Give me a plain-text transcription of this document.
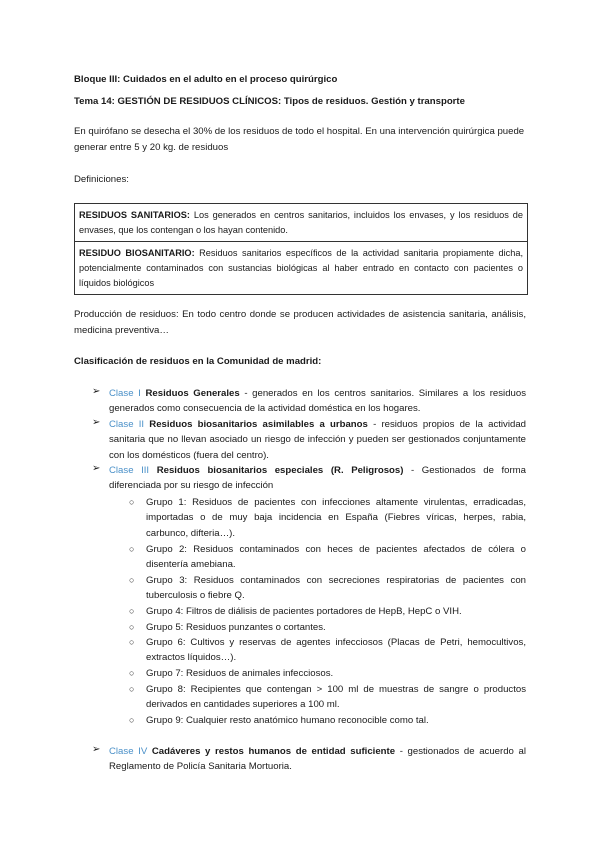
Bloque III: Cuidados en el adulto en el proceso quirúrgico
Tema 14: GESTIÓN DE RESIDUOS CLÍNICOS: Tipos de residuos. Gestión y transporte
En quirófano se desecha el 30% de los residuos de todo el hospital. En una intervención quirúrgica puede generar entre 5 y 20 kg. de residuos
Definiciones:
RESIDUOS SANITARIOS: Los generados en centros sanitarios, incluidos los envases, y los residuos de envases, que los contengan o los hayan contenido.
RESIDUO BIOSANITARIO: Residuos sanitarios específicos de la actividad sanitaria propiamente dicha, potencialmente contaminados con sustancias biológicas al haber entrado en contacto con pacientes o líquidos biológicos
Producción de residuos: En todo centro donde se producen actividades de asistencia sanitaria, análisis, medicina preventiva…
Clasificación de residuos en la Comunidad de madrid:
➢ Clase I Residuos Generales - generados en los centros sanitarios. Similares a los residuos generados como consecuencia de la actividad doméstica en los hogares.
➢ Clase II Residuos biosanitarios asimilables a urbanos - residuos propios de la actividad sanitaria que no llevan asociado un riesgo de infección y pueden ser gestionados conjuntamente con los domésticos (fuera del centro).
➢ Clase III Residuos biosanitarios especiales (R. Peligrosos) - Gestionados de forma diferenciada por su riesgo de infección
○ Grupo 1: Residuos de pacientes con infecciones altamente virulentas, erradicadas, importadas o de muy baja incidencia en España (Fiebres víricas, herpes, rabia, carbunco, difteria…).
○ Grupo 2: Residuos contaminados con heces de pacientes afectados de cólera o disentería amebiana.
○ Grupo 3: Residuos contaminados con secreciones respiratorias de pacientes con tuberculosis o fiebre Q.
○ Grupo 4: Filtros de diálisis de pacientes portadores de HepB, HepC o VIH.
○ Grupo 5: Residuos punzantes o cortantes.
○ Grupo 6: Cultivos y reservas de agentes infecciosos (Placas de Petri, hemocultivos, extractos líquidos…).
○ Grupo 7: Residuos de animales infecciosos.
○ Grupo 8: Recipientes que contengan > 100 ml de muestras de sangre o productos derivados en cantidades superiores a 100 ml.
○ Grupo 9: Cualquier resto anatómico humano reconocible como tal.
➢ Clase IV Cadáveres y restos humanos de entidad suficiente - gestionados de acuerdo al Reglamento de Policía Sanitaria Mortuoria.
